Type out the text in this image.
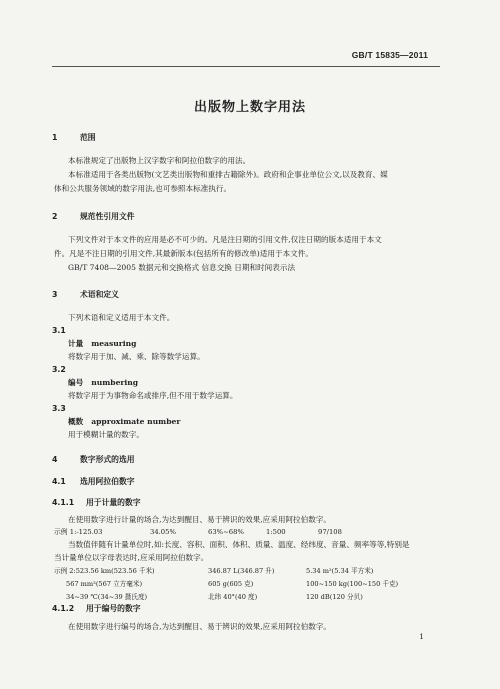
GB/T 15835—2011
出版物上数字用法
1	范围
本标准规定了出版物上汉字数字和阿拉伯数字的用法。
本标准适用于各类出版物(文艺类出版物和重排古籍除外)。政府和企事业单位公文,以及教育、媒
体和公共服务领域的数字用法,也可参照本标准执行。
2	规范性引用文件
下列文件对于本文件的应用是必不可少的。凡是注日期的引用文件,仅注日期的版本适用于本文
件。凡是不注日期的引用文件,其最新版本(包括所有的修改单)适用于本文件。
GB/T 7408—2005 数据元和交换格式 信息交换 日期和时间表示法
3	术语和定义
下列术语和定义适用于本文件。
3.1
计量 measuring
将数字用于加、减、乘、除等数学运算。
3.2
编号 numbering
将数字用于为事物命名或排序,但不用于数学运算。
3.3
概数 approximate number
用于模糊计量的数字。
4	数字形式的选用
4.1 选用阿拉伯数字
4.1.1 用于计量的数字
在使用数字进行计量的场合,为达到醒目、易于辨识的效果,应采用阿拉伯数字。
示例 1:-125.03	34.05%	63%~68%	1:500	97/108
当数值伴随有计量单位时,如:长度、容积、面积、体积、质量、温度、经纬度、音量、频率等等,特别是
当计量单位以字母表达时,应采用阿拉伯数字。
示例 2:523.56 km(523.56 千米)	346.87 L(346.87 升)	5.34 m²(5.34 平方米)
567 mm³(567 立方毫米)	605 g(605 克)	100~150 kg(100~150 千克)
34~39 ℃(34~39 摄氏度)	北纬 40°(40 度)	120 dB(120 分贝)
4.1.2 用于编号的数字
在使用数字进行编号的场合,为达到醒目、易于辨识的效果,应采用阿拉伯数字。
1
